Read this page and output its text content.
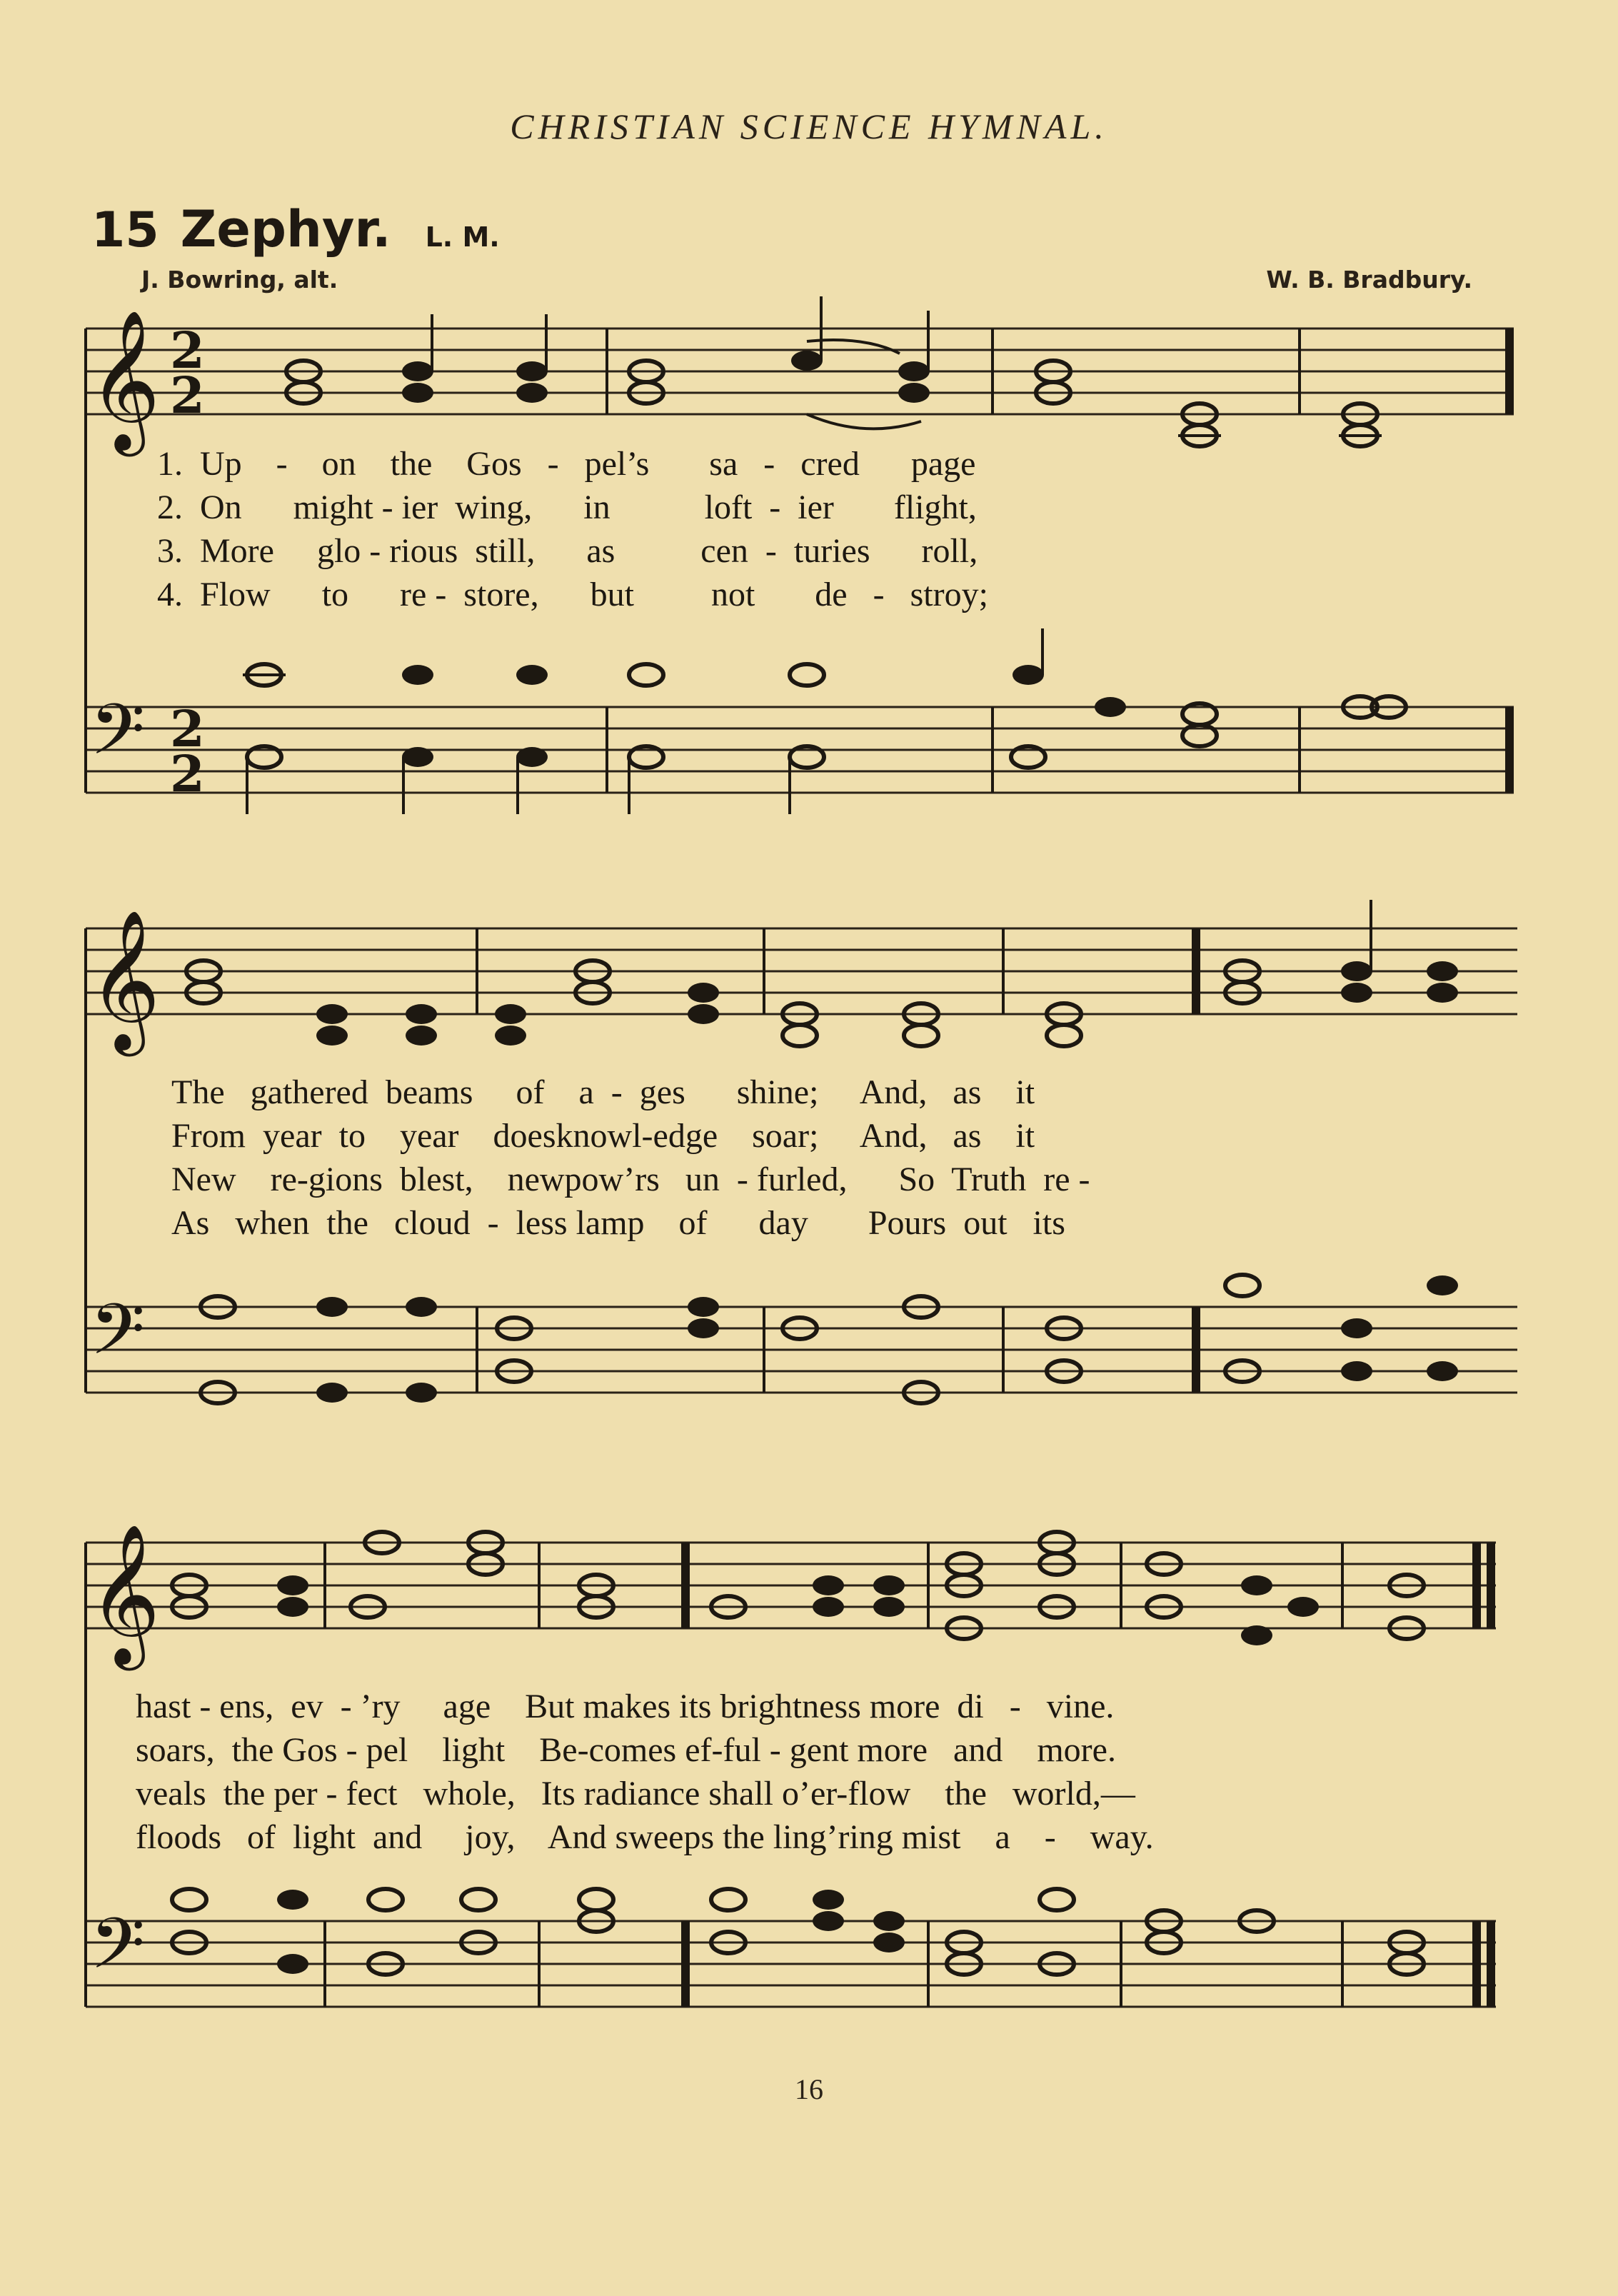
CHRISTIAN SCIENCE HYMNAL.
15 Zephyr. L. M.
J. Bowring, alt.	W. B. Bradbury.
𝄞
𝄢
2
2
2
2
𝄞
𝄢
𝄞
𝄢
1.  Up    -    on    the    Gos   -   pel’s       sa   -   cred      page
2.  On      might - ier  wing,      in           loft  -  ier       flight,
3.  More     glo - rious  still,      as          cen  -  turies      roll,
4.  Flow      to      re -  store,      but         not       de   -   stroy;
The   gathered  beams     of    a  -  ges      shine;     And,   as    it
From  year  to    year    doesknowl-edge    soar;     And,   as    it
New    re-gions  blest,    newpow’rs   un  - furled,      So  Truth  re -
As   when  the   cloud  -  less lamp    of      day       Pours  out   its
hast - ens,  ev  - ’ry     age    But makes its brightness more  di   -   vine.
soars,  the Gos - pel    light    Be-comes ef-ful - gent more   and    more.
veals  the per - fect   whole,   Its radiance shall o’er-flow    the   world,—
floods   of  light  and     joy,    And sweeps the ling’ring mist    a    -    way.
16
